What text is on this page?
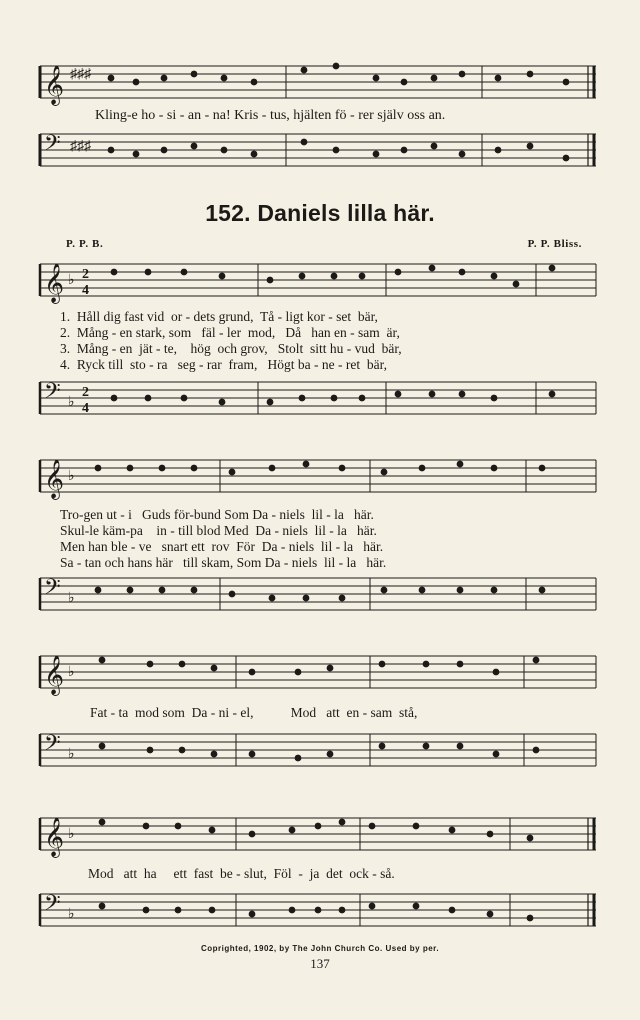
𝄞 ♯♯♯
Kling-e ho - si - an - na! Kris - tus, hjälten fö - rer själv oss an.
𝄢 ♯♯♯
152. Daniels lilla här.
P. P. B.	P. P. Bliss.
𝄞 ♭ 2
4
1.  Håll dig fast vid  or - dets grund,  Tå - ligt kor - set  bär,
2.  Mång - en stark, som   fäl - ler  mod,   Då   han en - sam  är,
3.  Mång - en  jät - te,    hög  och grov,   Stolt  sitt hu - vud  bär,
4.  Ryck till  sto - ra   seg - rar  fram,   Högt ba - ne - ret  bär,
𝄢 ♭
2
4
𝄞 ♭
Tro-gen ut - i   Guds för-bund Som Da - niels  lil - la   här.
Skul-le käm-pa    in - till blod Med  Da - niels  lil - la   här.
Men han ble - ve   snart ett  rov  För  Da - niels  lil - la   här.
Sa - tan och hans här   till skam, Som Da - niels  lil - la   här.
𝄢 ♭
𝄞 ♭
Fat - ta  mod som  Da - ni - el,           Mod   att  en - sam  stå,
𝄢 ♭
𝄞 ♭
Mod   att  ha     ett  fast  be - slut,  Föl  -  ja  det  ock - så.
𝄢 ♭
Coprighted, 1902, by The John Church Co. Used by per.
137
